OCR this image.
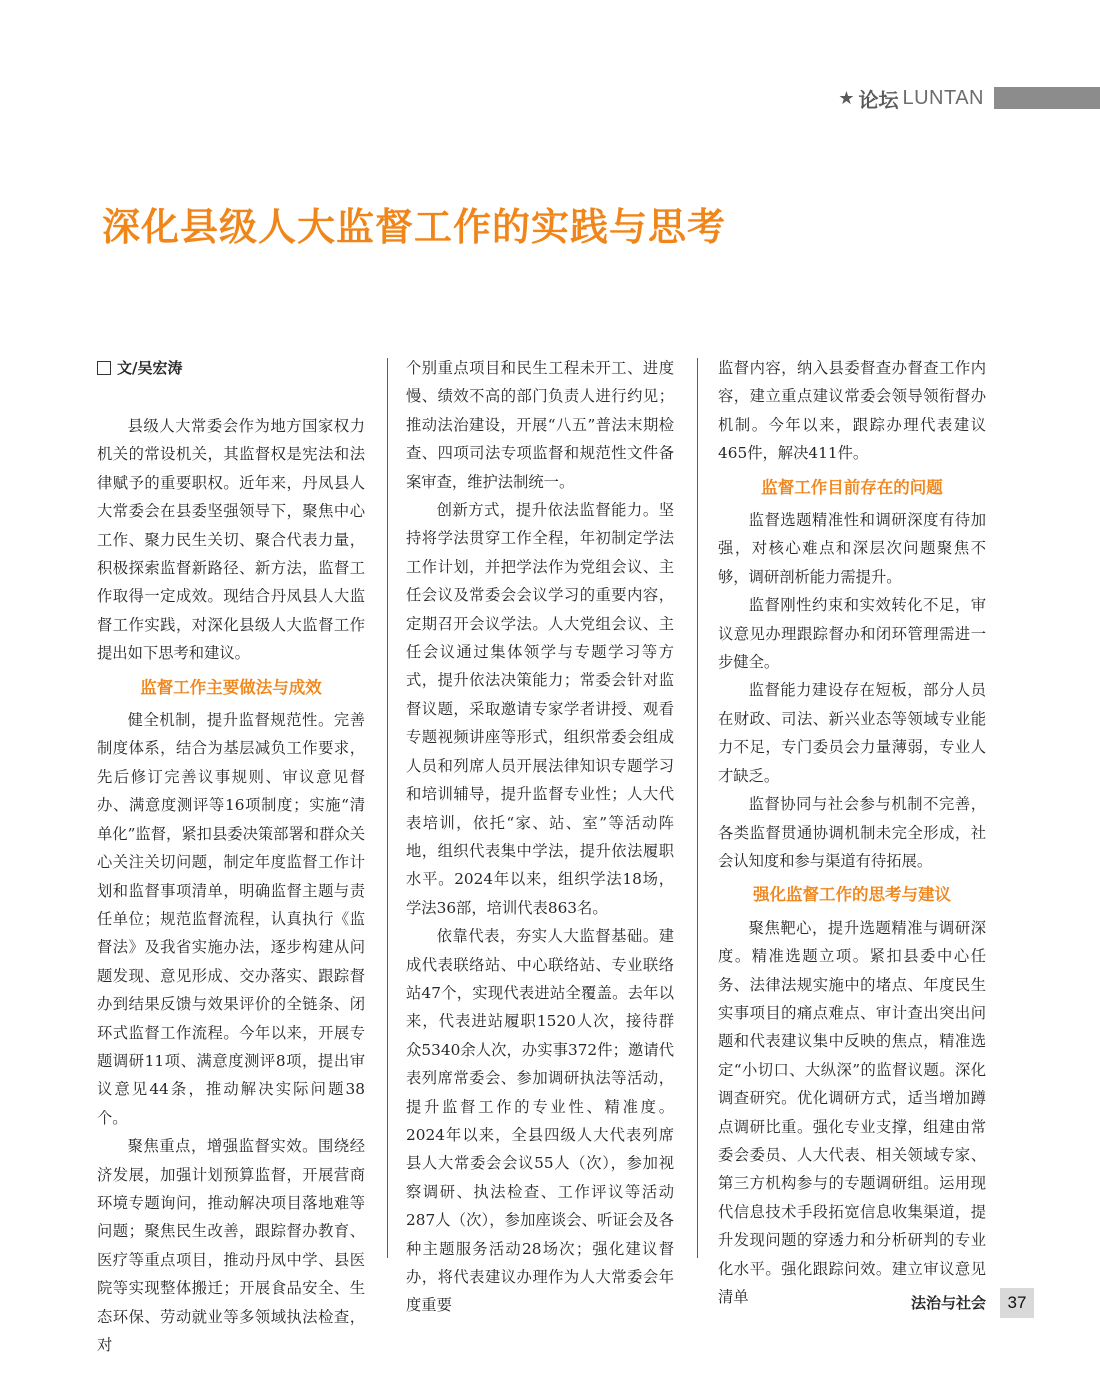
★ 论坛 LUNTAN
深化县级人大监督工作的实践与思考
文/吴宏涛

县级人大常委会作为地方国家权力机关的常设机关，其监督权是宪法和法律赋予的重要职权。近年来，丹凤县人大常委会在县委坚强领导下，聚焦中心工作、聚力民生关切、聚合代表力量，积极探索监督新路径、新方法，监督工作取得一定成效。现结合丹凤县人大监督工作实践，对深化县级人大监督工作提出如下思考和建议。

监督工作主要做法与成效

健全机制，提升监督规范性。完善制度体系，结合为基层减负工作要求，先后修订完善议事规则、审议意见督办、满意度测评等16项制度；实施“清单化”监督，紧扣县委决策部署和群众关心关注关切问题，制定年度监督工作计划和监督事项清单，明确监督主题与责任单位；规范监督流程，认真执行《监督法》及我省实施办法，逐步构建从问题发现、意见形成、交办落实、跟踪督办到结果反馈与效果评价的全链条、闭环式监督工作流程。今年以来，开展专题调研11项、满意度测评8项，提出审议意见44条，推动解决实际问题38个。

聚焦重点，增强监督实效。围绕经济发展，加强计划预算监督，开展营商环境专题询问，推动解决项目落地难等问题；聚焦民生改善，跟踪督办教育、医疗等重点项目，推动丹凤中学、县医院等实现整体搬迁；开展食品安全、生态环保、劳动就业等多领域执法检查，对

个别重点项目和民生工程未开工、进度慢、绩效不高的部门负责人进行约见；推动法治建设，开展“八五”普法末期检查、四项司法专项监督和规范性文件备案审查，维护法制统一。

创新方式，提升依法监督能力。坚持将学法贯穿工作全程，年初制定学法工作计划，并把学法作为党组会议、主任会议及常委会会议学习的重要内容，定期召开会议学法。人大党组会议、主任会议通过集体领学与专题学习等方式，提升依法决策能力；常委会针对监督议题，采取邀请专家学者讲授、观看专题视频讲座等形式，组织常委会组成人员和列席人员开展法律知识专题学习和培训辅导，提升监督专业性；人大代表培训，依托“家、站、室”等活动阵地，组织代表集中学法，提升依法履职水平。2024年以来，组织学法18场，学法36部，培训代表863名。

依靠代表，夯实人大监督基础。建成代表联络站、中心联络站、专业联络站47个，实现代表进站全覆盖。去年以来，代表进站履职1520人次，接待群众5340余人次，办实事372件；邀请代表列席常委会、参加调研执法等活动，提升监督工作的专业性、精准度。2024年以来，全县四级人大代表列席县人大常委会会议55人（次），参加视察调研、执法检查、工作评议等活动287人（次），参加座谈会、听证会及各种主题服务活动28场次；强化建议督办，将代表建议办理作为人大常委会年度重要

监督内容，纳入县委督查办督查工作内容，建立重点建议常委会领导领衔督办机制。今年以来，跟踪办理代表建议465件，解决411件。

监督工作目前存在的问题

监督选题精准性和调研深度有待加强，对核心难点和深层次问题聚焦不够，调研剖析能力需提升。

监督刚性约束和实效转化不足，审议意见办理跟踪督办和闭环管理需进一步健全。

监督能力建设存在短板，部分人员在财政、司法、新兴业态等领域专业能力不足，专门委员会力量薄弱，专业人才缺乏。

监督协同与社会参与机制不完善，各类监督贯通协调机制未完全形成，社会认知度和参与渠道有待拓展。

强化监督工作的思考与建议

聚焦靶心，提升选题精准与调研深度。精准选题立项。紧扣县委中心任务、法律法规实施中的堵点、年度民生实事项目的痛点难点、审计查出突出问题和代表建议集中反映的焦点，精准选定“小切口、大纵深”的监督议题。深化调查研究。优化调研方式，适当增加蹲点调研比重。强化专业支撑，组建由常委会委员、人大代表、相关领域专家、第三方机构参与的专题调研组。运用现代信息技术手段拓宽信息收集渠道，提升发现问题的穿透力和分析研判的专业化水平。强化跟踪问效。建立审议意见清单	法治与社会	37
